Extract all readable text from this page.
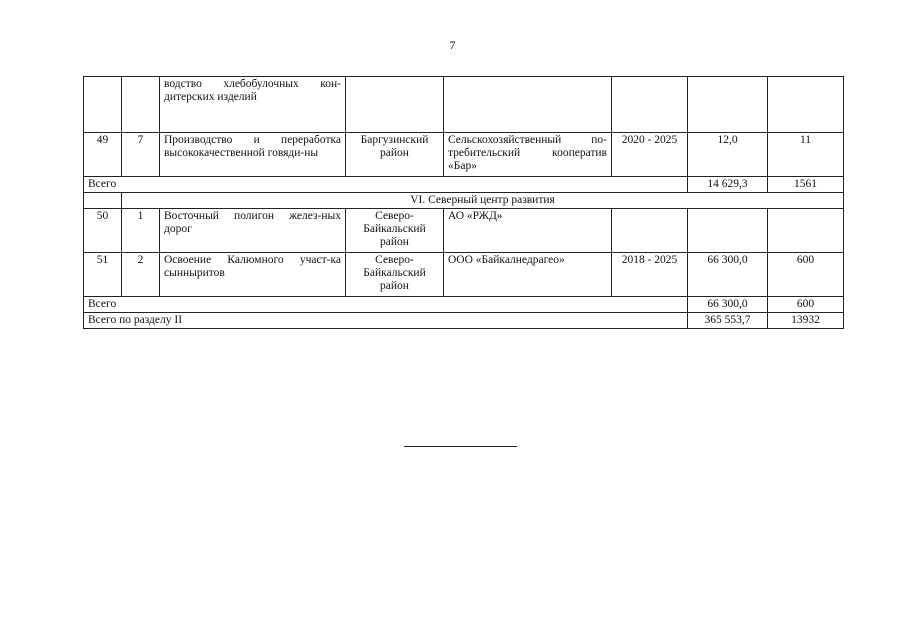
7
		водство хлебобулочных кон-дитерских изделий					
49	7	Производство и переработка высококачественной говяди-ны	Баргузинский район	Сельскохозяйственный по-требительский кооператив «Бар»	2020 - 2025	12,0	11
Всего						14 629,3	1561
	VI. Северный центр развития						
50	1	Восточный полигон желез-ных дорог	Северо-Байкальский район	АО «РЖД»			
51	2	Освоение Калюмного участ-ка сынныритов	Северо-Байкальский район	ООО «Байкалнедрагео»	2018 - 2025	66 300,0	600
Всего						66 300,0	600
Всего по разделу II						365 553,7	13932
